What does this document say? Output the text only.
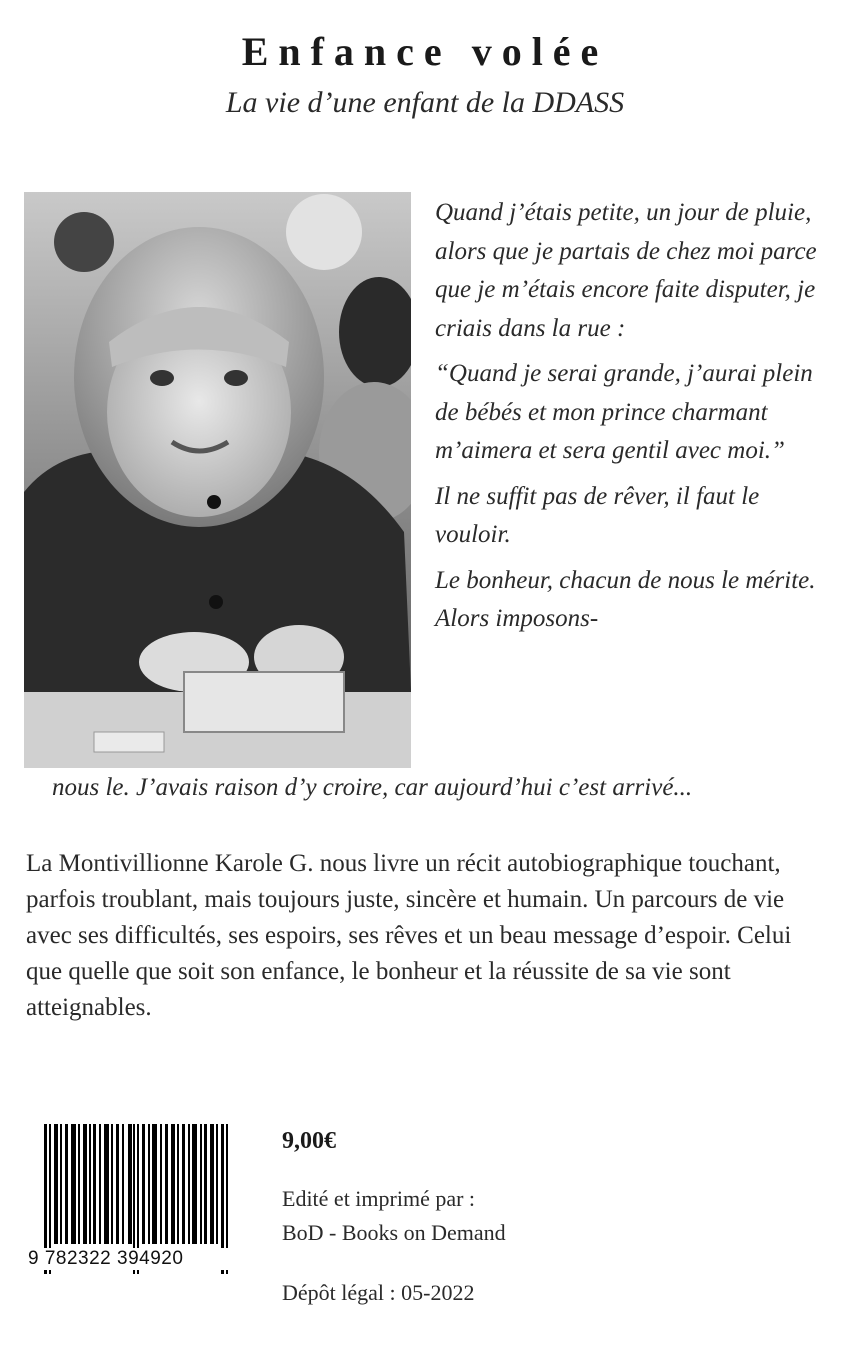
Enfance volée
La vie d’une enfant de la DDASS

Quand j’étais petite, un jour de pluie, alors que je partais de chez moi parce que je m’étais encore faite disputer, je criais dans la rue :

“Quand je serai grande, j’aurai plein de bébés et mon prince charmant m’aimera et sera gentil avec moi.”

Il ne suffit pas de rêver, il faut le vouloir.

Le bonheur, chacun de nous le mérite. Alors imposons-

nous le. J’avais raison d’y croire, car aujourd’hui c’est arrivé...
La Montivillionne Karole G. nous livre un récit autobiographique touchant, parfois troublant, mais toujours juste, sincère et humain. Un parcours de vie avec ses difficultés, ses espoirs, ses rêves et un beau message d’espoir. Celui que quelle que soit son enfance, le bonheur et la réussite de sa vie sont atteignables.
9 782322 394920
9,00€
Edité et imprimé par :
BoD - Books on Demand
Dépôt légal : 05-2022
